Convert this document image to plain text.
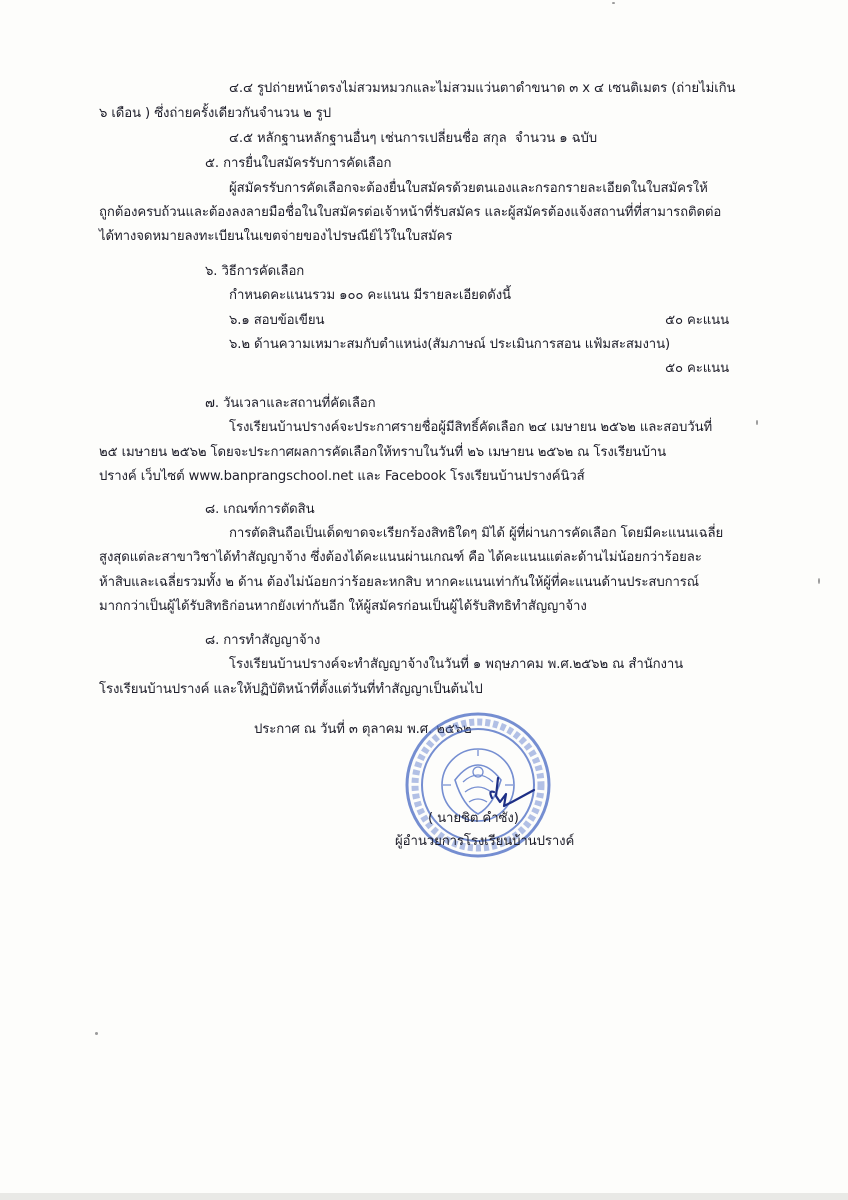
๔.๔ รูปถ่ายหน้าตรงไม่สวมหมวกและไม่สวมแว่นตาดำขนาด ๓ x ๔ เซนติเมตร (ถ่ายไม่เกิน
๖ เดือน ) ซึ่งถ่ายครั้งเดียวกันจำนวน ๒ รูป
๔.๕ หลักฐานหลักฐานอื่นๆ เช่นการเปลี่ยนชื่อ สกุล จำนวน ๑ ฉบับ
๕. การยื่นใบสมัครรับการคัดเลือก
ผู้สมัครรับการคัดเลือกจะต้องยื่นใบสมัครด้วยตนเองและกรอกรายละเอียดในใบสมัครให้
ถูกต้องครบถ้วนและต้องลงลายมือชื่อในใบสมัครต่อเจ้าหน้าที่รับสมัคร และผู้สมัครต้องแจ้งสถานที่ที่สามารถติดต่อ
ได้ทางจดหมายลงทะเบียนในเขตจ่ายของไปรษณีย์ไว้ในใบสมัคร
๖. วิธีการคัดเลือก
กำหนดคะแนนรวม ๑๐๐ คะแนน มีรายละเอียดดังนี้
๖.๑ สอบข้อเขียน	๕๐ คะแนน
๖.๒ ด้านความเหมาะสมกับตำแหน่ง(สัมภาษณ์ ประเมินการสอน แฟ้มสะสมงาน)
๕๐ คะแนน
๗. วันเวลาและสถานที่คัดเลือก
โรงเรียนบ้านปรางค์จะประกาศรายชื่อผู้มีสิทธิ์คัดเลือก ๒๔ เมษายน ๒๕๖๒ และสอบวันที่
๒๕ เมษายน ๒๕๖๒ โดยจะประกาศผลการคัดเลือกให้ทราบในวันที่ ๒๖ เมษายน ๒๕๖๒ ณ โรงเรียนบ้าน
ปรางค์ เว็บไซต์ www.banprangschool.net และ Facebook โรงเรียนบ้านปรางค์นิวส์
๘. เกณฑ์การตัดสิน
การตัดสินถือเป็นเด็ดขาดจะเรียกร้องสิทธิใดๆ มิได้ ผู้ที่ผ่านการคัดเลือก โดยมีคะแนนเฉลี่ย
สูงสุดแต่ละสาขาวิชาได้ทำสัญญาจ้าง ซึ่งต้องได้คะแนนผ่านเกณฑ์ คือ ได้คะแนนแต่ละด้านไม่น้อยกว่าร้อยละ
ห้าสิบและเฉลี่ยรวมทั้ง ๒ ด้าน ต้องไม่น้อยกว่าร้อยละหกสิบ หากคะแนนเท่ากันให้ผู้ที่คะแนนด้านประสบการณ์
มากกว่าเป็นผู้ได้รับสิทธิก่อนหากยังเท่ากันอีก ให้ผู้สมัครก่อนเป็นผู้ได้รับสิทธิทำสัญญาจ้าง
๘. การทำสัญญาจ้าง
โรงเรียนบ้านปรางค์จะทำสัญญาจ้างในวันที่ ๑ พฤษภาคม พ.ศ.๒๕๖๒ ณ สำนักงาน
โรงเรียนบ้านปรางค์ และให้ปฏิบัติหน้าที่ตั้งแต่วันที่ทำสัญญาเป็นต้นไป
ประกาศ ณ วันที่ ๓ ตุลาคม พ.ศ. ๒๕๖๒
( นายชิต คำซัง)
ผู้อำนวยการโรงเรียนบ้านปรางค์
